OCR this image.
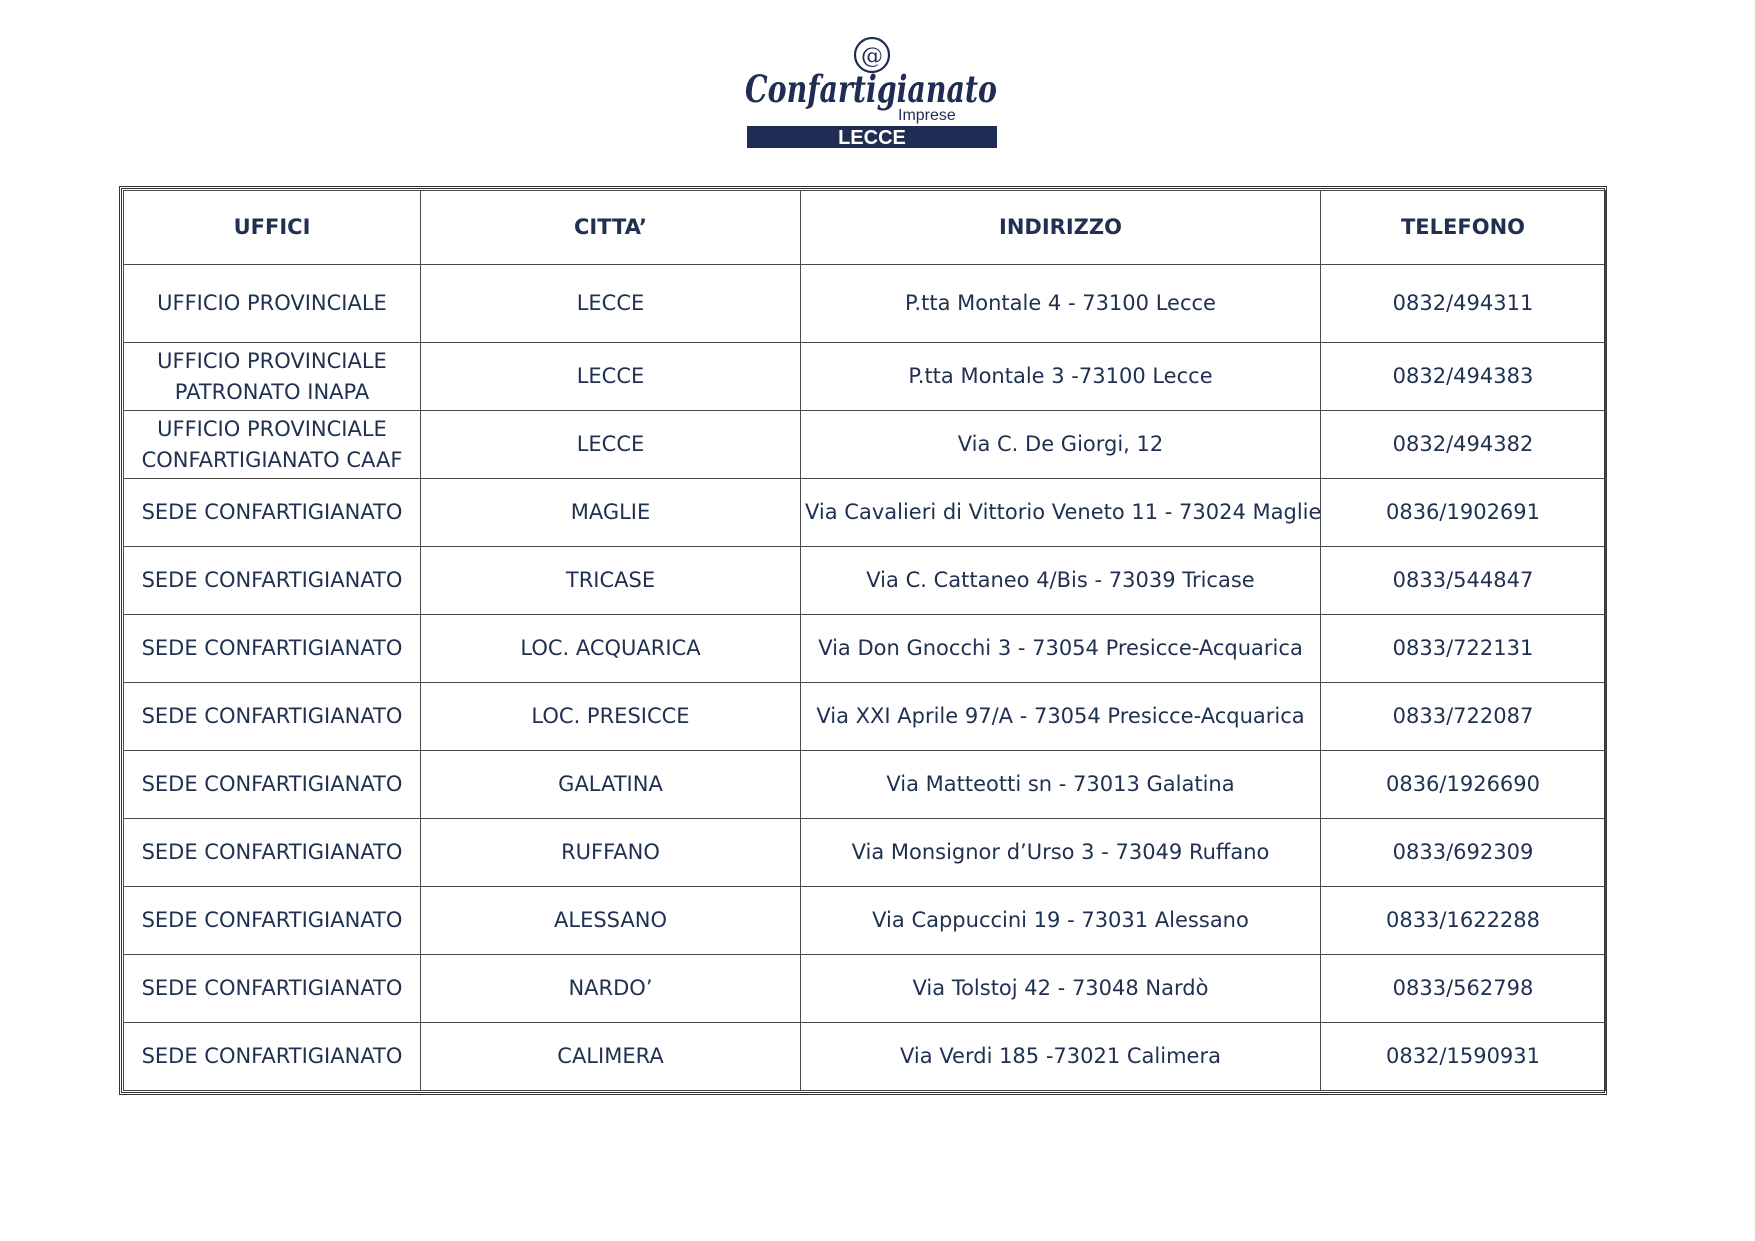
@
Confartigianato
Imprese
LECCE
UFFICI	CITTA’	INDIRIZZO	TELEFONO
UFFICIO PROVINCIALE	LECCE	P.tta Montale 4 - 73100 Lecce	0832/494311
UFFICIO PROVINCIALE
PATRONATO INAPA	LECCE	P.tta Montale 3 -73100 Lecce	0832/494383
UFFICIO PROVINCIALE
CONFARTIGIANATO CAAF	LECCE	Via C. De Giorgi, 12	0832/494382
SEDE CONFARTIGIANATO	MAGLIE	Via Cavalieri di Vittorio Veneto 11 - 73024 Maglie	0836/1902691
SEDE CONFARTIGIANATO	TRICASE	Via C. Cattaneo 4/Bis - 73039 Tricase	0833/544847
SEDE CONFARTIGIANATO	LOC. ACQUARICA	Via Don Gnocchi 3 - 73054 Presicce-Acquarica	0833/722131
SEDE CONFARTIGIANATO	LOC. PRESICCE	Via XXI Aprile 97/A - 73054 Presicce-Acquarica	0833/722087
SEDE CONFARTIGIANATO	GALATINA	Via Matteotti sn - 73013 Galatina	0836/1926690
SEDE CONFARTIGIANATO	RUFFANO	Via Monsignor d’Urso 3 - 73049 Ruffano	0833/692309
SEDE CONFARTIGIANATO	ALESSANO	Via Cappuccini 19 - 73031 Alessano	0833/1622288
SEDE CONFARTIGIANATO	NARDO’	Via Tolstoj 42 - 73048 Nardò	0833/562798
SEDE CONFARTIGIANATO	CALIMERA	Via Verdi 185 -73021 Calimera	0832/1590931
